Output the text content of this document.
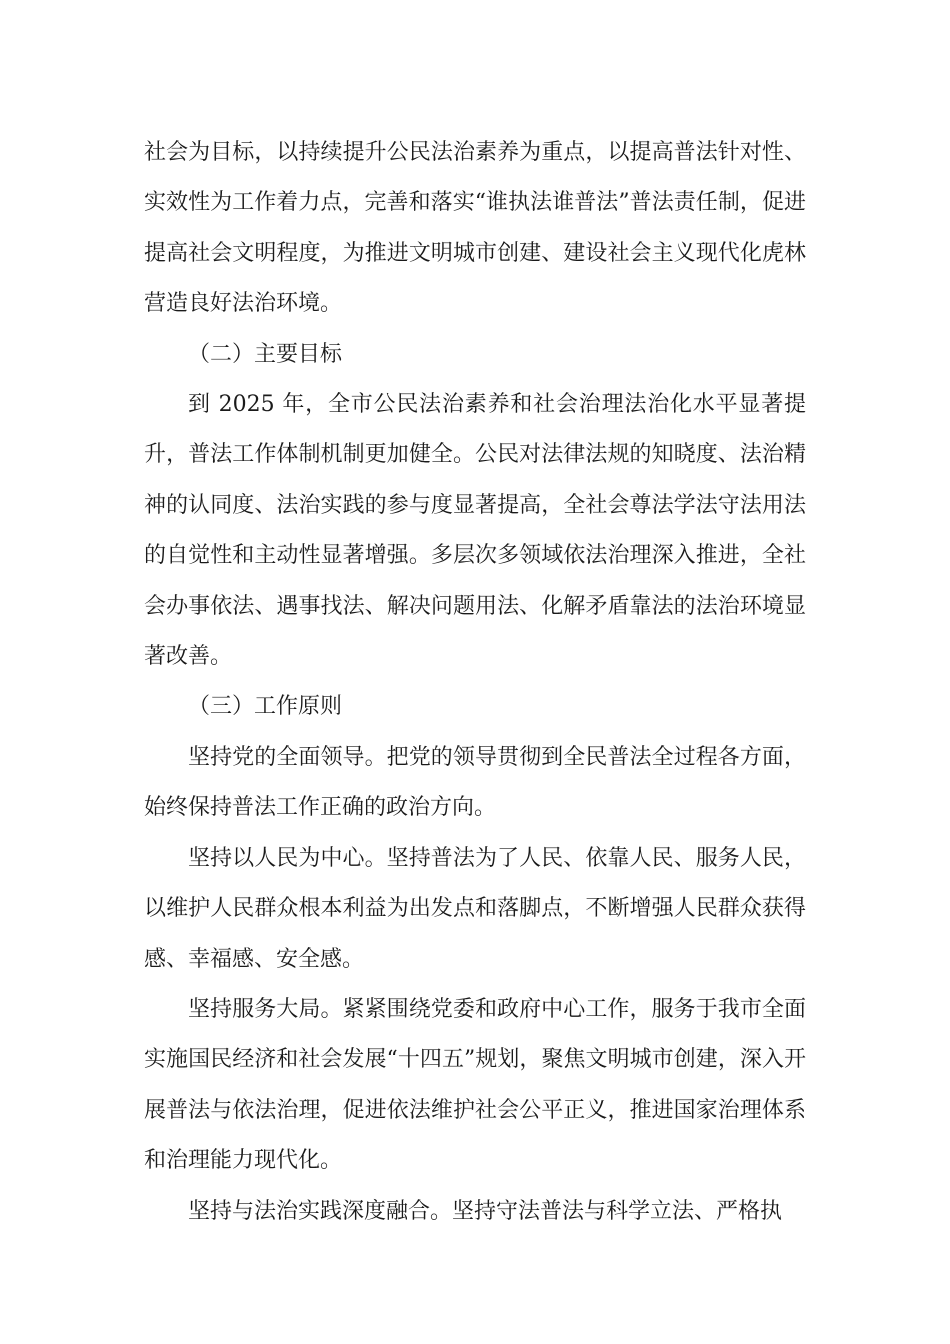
社会为目标，以持续提升公民法治素养为重点，以提高普法针对性、实效性为工作着力点，完善和落实“谁执法谁普法”普法责任制，促进提高社会文明程度，为推进文明城市创建、建设社会主义现代化虎林营造良好法治环境。

（二）主要目标

到 2025 年，全市公民法治素养和社会治理法治化水平显著提升，普法工作体制机制更加健全。公民对法律法规的知晓度、法治精神的认同度、法治实践的参与度显著提高，全社会尊法学法守法用法的自觉性和主动性显著增强。多层次多领域依法治理深入推进，全社会办事依法、遇事找法、解决问题用法、化解矛盾靠法的法治环境显著改善。

（三）工作原则

坚持党的全面领导。把党的领导贯彻到全民普法全过程各方面，始终保持普法工作正确的政治方向。

坚持以人民为中心。坚持普法为了人民、依靠人民、服务人民，以维护人民群众根本利益为出发点和落脚点，不断增强人民群众获得感、幸福感、安全感。

坚持服务大局。紧紧围绕党委和政府中心工作，服务于我市全面实施国民经济和社会发展“十四五”规划，聚焦文明城市创建，深入开展普法与依法治理，促进依法维护社会公平正义，推进国家治理体系和治理能力现代化。

坚持与法治实践深度融合。坚持守法普法与科学立法、严格执
